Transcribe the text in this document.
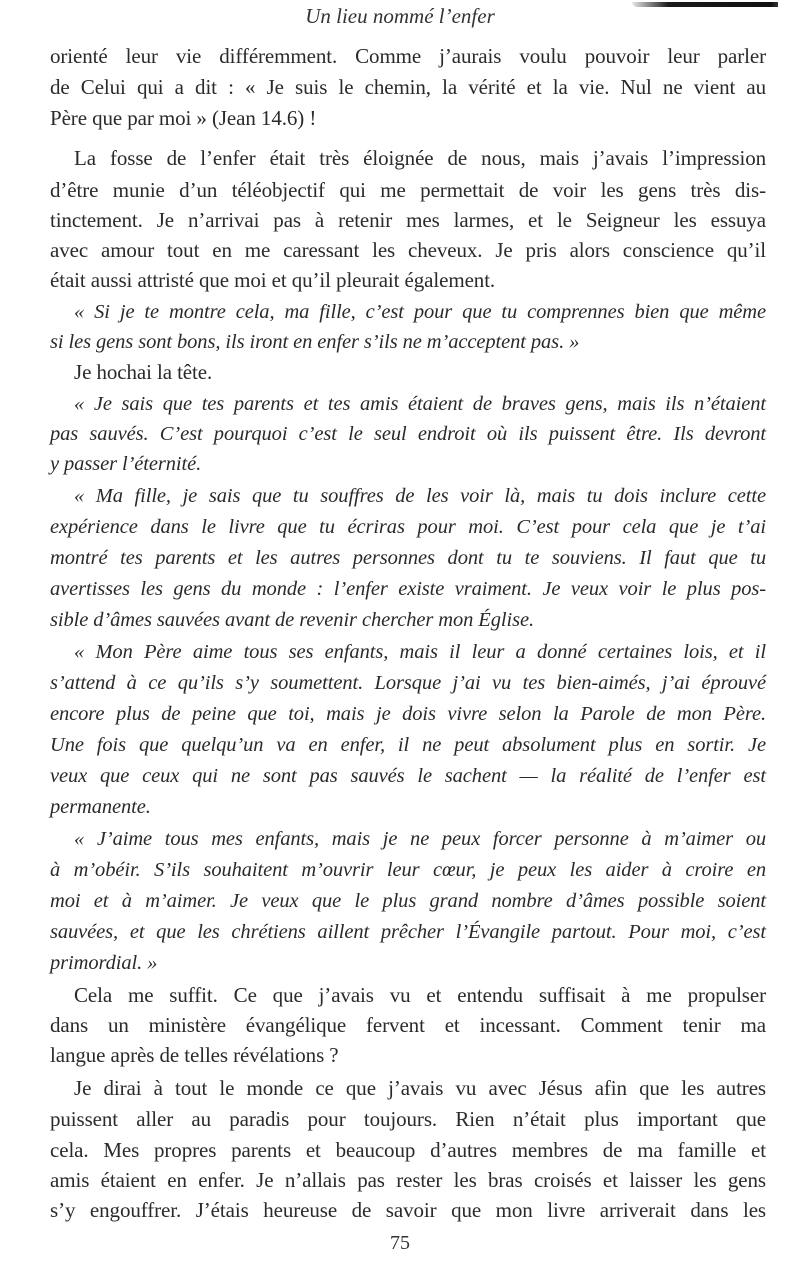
Un lieu nommé l’enfer
orienté leur vie différemment. Comme j’aurais voulu pouvoir leur parler
de Celui qui a dit : « Je suis le chemin, la vérité et la vie. Nul ne vient au
Père que par moi » (Jean 14.6) !
La fosse de l’enfer était très éloignée de nous, mais j’avais l’impression
d’être munie d’un téléobjectif qui me permettait de voir les gens très dis-
tinctement. Je n’arrivai pas à retenir mes larmes, et le Seigneur les essuya
avec amour tout en me caressant les cheveux. Je pris alors conscience qu’il
était aussi attristé que moi et qu’il pleurait également.
« Si je te montre cela, ma fille, c’est pour que tu comprennes bien que même
si les gens sont bons, ils iront en enfer s’ils ne m’acceptent pas. »
Je hochai la tête.
« Je sais que tes parents et tes amis étaient de braves gens, mais ils n’étaient
pas sauvés. C’est pourquoi c’est le seul endroit où ils puissent être. Ils devront
y passer l’éternité.
« Ma fille, je sais que tu souffres de les voir là, mais tu dois inclure cette
expérience dans le livre que tu écriras pour moi. C’est pour cela que je t’ai
montré tes parents et les autres personnes dont tu te souviens. Il faut que tu
avertisses les gens du monde : l’enfer existe vraiment. Je veux voir le plus pos-
sible d’âmes sauvées avant de revenir chercher mon Église.
« Mon Père aime tous ses enfants, mais il leur a donné certaines lois, et il
s’attend à ce qu’ils s’y soumettent. Lorsque j’ai vu tes bien-aimés, j’ai éprouvé
encore plus de peine que toi, mais je dois vivre selon la Parole de mon Père.
Une fois que quelqu’un va en enfer, il ne peut absolument plus en sortir. Je
veux que ceux qui ne sont pas sauvés le sachent — la réalité de l’enfer est
permanente.
« J’aime tous mes enfants, mais je ne peux forcer personne à m’aimer ou
à m’obéir. S’ils souhaitent m’ouvrir leur cœur, je peux les aider à croire en
moi et à m’aimer. Je veux que le plus grand nombre d’âmes possible soient
sauvées, et que les chrétiens aillent prêcher l’Évangile partout. Pour moi, c’est
primordial. »
Cela me suffit. Ce que j’avais vu et entendu suffisait à me propulser
dans un ministère évangélique fervent et incessant. Comment tenir ma
langue après de telles révélations ?
Je dirai à tout le monde ce que j’avais vu avec Jésus afin que les autres
puissent aller au paradis pour toujours. Rien n’était plus important que
cela. Mes propres parents et beaucoup d’autres membres de ma famille et
amis étaient en enfer. Je n’allais pas rester les bras croisés et laisser les gens
s’y engouffrer. J’étais heureuse de savoir que mon livre arriverait dans les
75
